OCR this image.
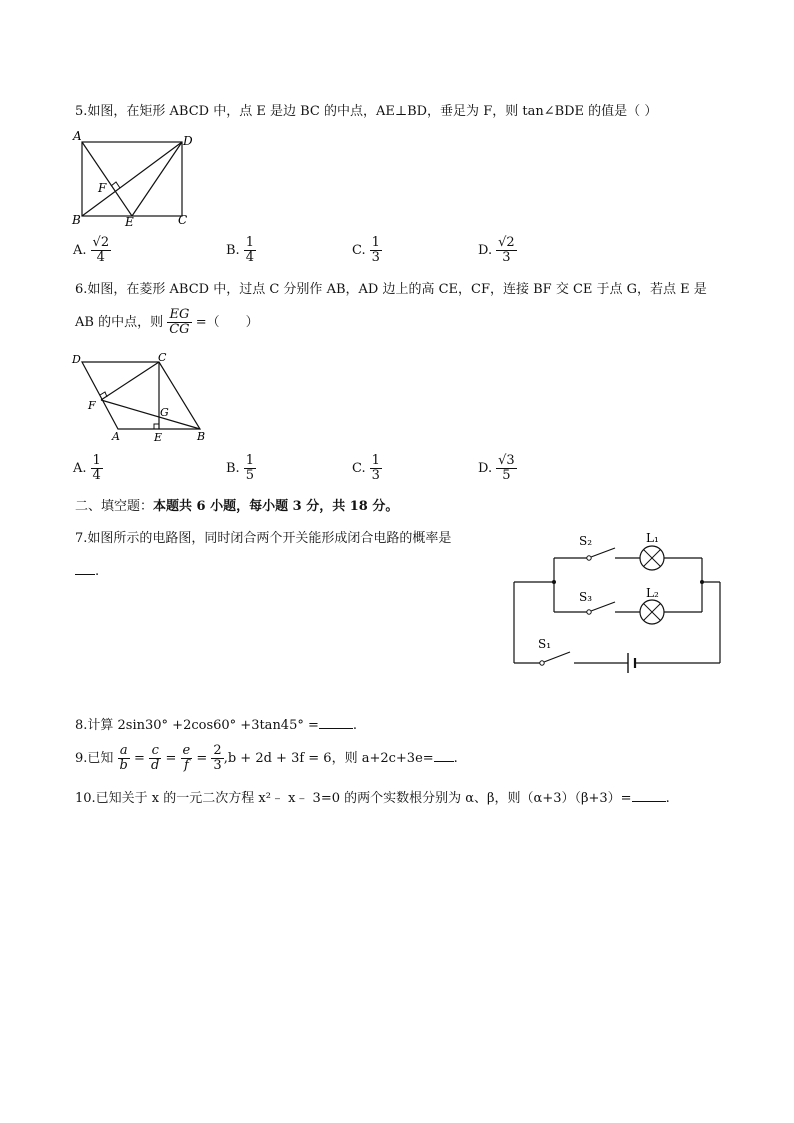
5.如图，在矩形 ABCD 中，点 E 是边 BC 的中点，AE⊥BD，垂足为 F，则 tan∠BDE 的值是（ ）
A	D
B	C
E
F
A. $\frac{√2}{4}$	B. $\frac{1}{4}$	C. $\frac{1}{3}$	D. $\frac{√2}{3}$
6.如图，在菱形 ABCD 中，过点 C 分别作 AB，AD 边上的高 CE，CF，连接 BF 交 CE 于点 G，若点 E 是
AB 的中点，则 $\frac{EG}{CG}$ =（　　）
D	C
F
G
A	E	B
A. $\frac{1}{4}$	B. $\frac{1}{5}$	C. $\frac{1}{3}$	D. $\frac{√3}{5}$
二、填空题：本题共 6 小题，每小题 3 分，共 18 分。
7.如图所示的电路图，同时闭合两个开关能形成闭合电路的概率是
.
S₂
S₃
S₁
L₁
L₂
8.计算 2sin30° +2cos60° +3tan45° =	.
9.已知 $\frac{a}{b} = \frac{c}{d} = \frac{e}{f} = \frac{2}{3} ,b + 2d + 3f = 6$，则 a+2c+3e= .
10.已知关于 x 的一元二次方程 x²﹣ x﹣ 3=0 的两个实数根分别为 α、β，则（α+3）（β+3）=	.
